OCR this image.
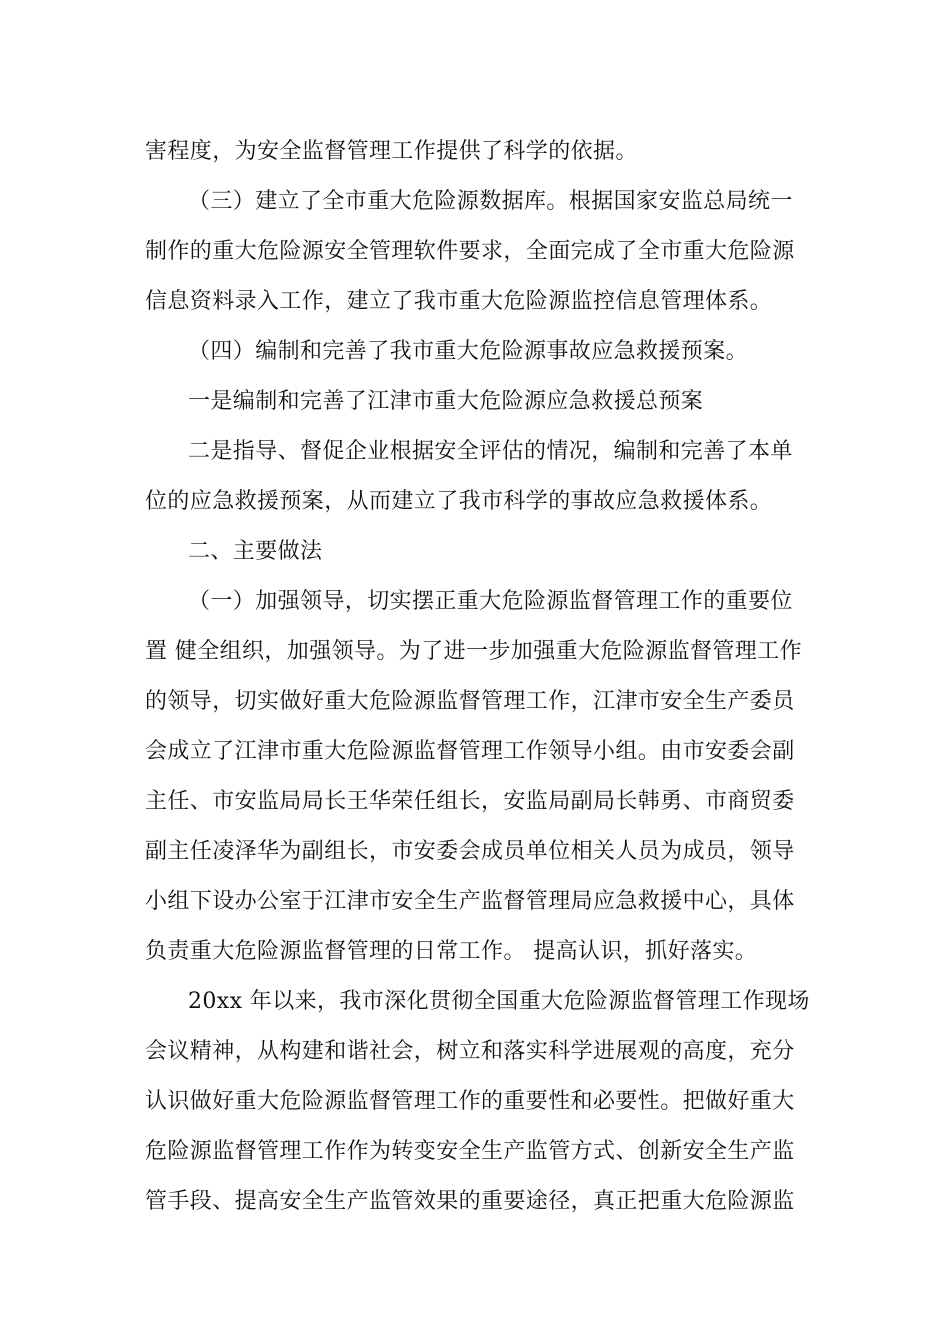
害程度，为安全监督管理工作提供了科学的依据。
（三）建立了全市重大危险源数据库。根据国家安监总局统一
制作的重大危险源安全管理软件要求，全面完成了全市重大危险源
信息资料录入工作，建立了我市重大危险源监控信息管理体系。
（四）编制和完善了我市重大危险源事故应急救援预案。
一是编制和完善了江津市重大危险源应急救援总预案
二是指导、督促企业根据安全评估的情况，编制和完善了本单
位的应急救援预案，从而建立了我市科学的事故应急救援体系。
二、主要做法
（一）加强领导，切实摆正重大危险源监督管理工作的重要位
置 健全组织，加强领导。为了进一步加强重大危险源监督管理工作
的领导，切实做好重大危险源监督管理工作，江津市安全生产委员
会成立了江津市重大危险源监督管理工作领导小组。由市安委会副
主任、市安监局局长王华荣任组长，安监局副局长韩勇、市商贸委
副主任凌泽华为副组长，市安委会成员单位相关人员为成员，领导
小组下设办公室于江津市安全生产监督管理局应急救援中心，具体
负责重大危险源监督管理的日常工作。 提高认识，抓好落实。
20xx 年以来，我市深化贯彻全国重大危险源监督管理工作现场
会议精神，从构建和谐社会，树立和落实科学进展观的高度，充分
认识做好重大危险源监督管理工作的重要性和必要性。把做好重大
危险源监督管理工作作为转变安全生产监管方式、创新安全生产监
管手段、提高安全生产监管效果的重要途径，真正把重大危险源监
